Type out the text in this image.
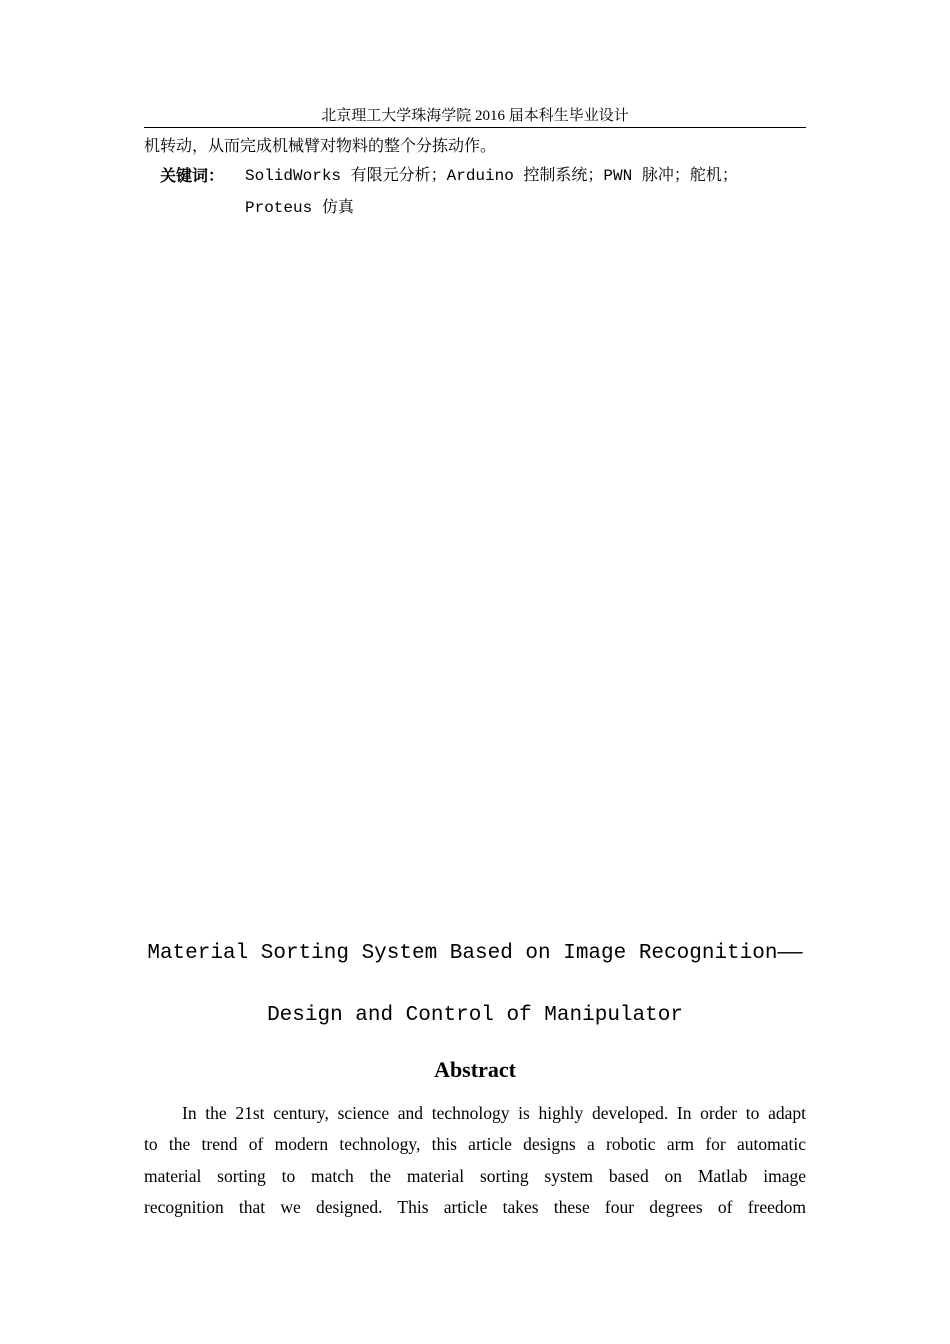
北京理工大学珠海学院 2016 届本科生毕业设计
机转动，从而完成机械臂对物料的整个分拣动作。
关键词： SolidWorks 有限元分析；Arduino 控制系统；PWN 脉冲；舵机；
Proteus 仿真
Material Sorting System Based on Image Recognition——
Design and Control of Manipulator
Abstract
In the 21st century, science and technology is highly developed. In order to adapt
to the trend of modern technology, this article designs a robotic arm for automatic
material sorting to match the material sorting system based on Matlab image
recognition that we designed. This article takes these four degrees of freedom
